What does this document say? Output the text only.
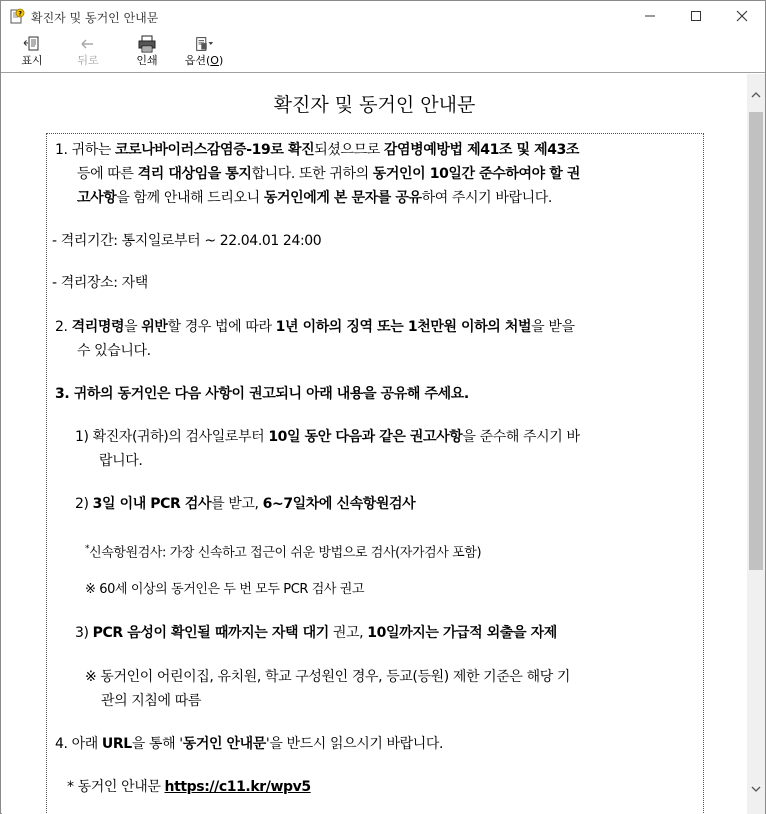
? 확진자 및 동거인 안내문
표시	뒤로	인쇄 옵션(O)
확진자 및 동거인 안내문

1. 귀하는 코로나바이러스감염증-19로 확진되셨으므로 감염병예방법 제41조 및 제43조

등에 따른 격리 대상임을 통지합니다. 또한 귀하의 동거인이 10일간 준수하여야 할 권

고사항을 함께 안내해 드리오니 동거인에게 본 문자를 공유하여 주시기 바랍니다.

- 격리기간: 통지일로부터 ~ 22.04.01 24:00

- 격리장소: 자택

2. 격리명령을 위반할 경우 법에 따라 1년 이하의 징역 또는 1천만원 이하의 처벌을 받을

수 있습니다.

3. 귀하의 동거인은 다음 사항이 권고되니 아래 내용을 공유해 주세요.

1) 확진자(귀하)의 검사일로부터 10일 동안 다음과 같은 권고사항을 준수해 주시기 바

랍니다.

2) 3일 이내 PCR 검사를 받고, 6~7일차에 신속항원검사

*신속항원검사: 가장 신속하고 접근이 쉬운 방법으로 검사(자가검사 포함)

※ 60세 이상의 동거인은 두 번 모두 PCR 검사 권고

3) PCR 음성이 확인될 때까지는 자택 대기 권고, 10일까지는 가급적 외출을 자제

※ 동거인이 어린이집, 유치원, 학교 구성원인 경우, 등교(등원) 제한 기준은 해당 기

관의 지침에 따름

4. 아래 URL을 통해 '동거인 안내문'을 반드시 읽으시기 바랍니다.

* 동거인 안내문 https://c11.kr/wpv5
